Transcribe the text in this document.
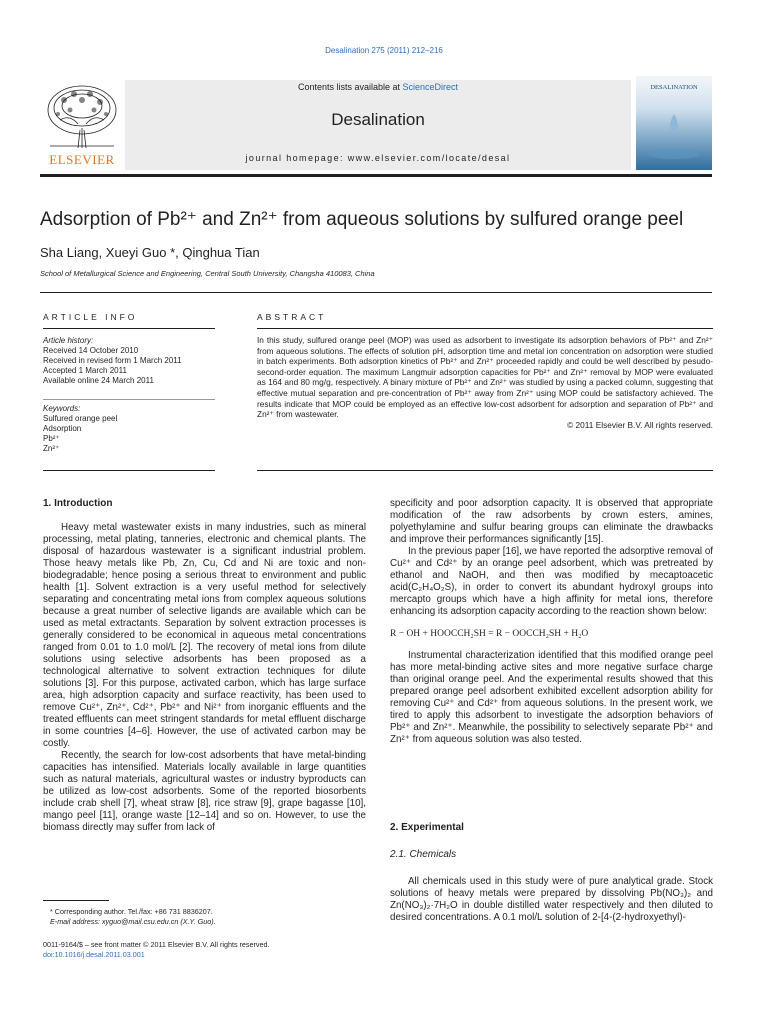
Desalination 275 (2011) 212–216
ELSEVIER
Contents lists available at ScienceDirect
Desalination
journal homepage: www.elsevier.com/locate/desal
DESALINATION
Adsorption of Pb²⁺ and Zn²⁺ from aqueous solutions by sulfured orange peel
Sha Liang, Xueyi Guo *, Qinghua Tian
School of Metallurgical Science and Engineering, Central South University, Changsha 410083, China
ARTICLE INFO
Article history:
Received 14 October 2010
Received in revised form 1 March 2011
Accepted 1 March 2011
Available online 24 March 2011
Keywords:
Sulfured orange peel
Adsorption
Pb²⁺
Zn²⁺
ABSTRACT
In this study, sulfured orange peel (MOP) was used as adsorbent to investigate its adsorption behaviors of Pb²⁺ and Zn²⁺ from aqueous solutions. The effects of solution pH, adsorption time and metal ion concentration on adsorption were studied in batch experiments. Both adsorption kinetics of Pb²⁺ and Zn²⁺ proceeded rapidly and could be well described by pesudo-second-order equation. The maximum Langmuir adsorption capacities for Pb²⁺ and Zn²⁺ removal by MOP were evaluated as 164 and 80 mg/g, respectively. A binary mixture of Pb²⁺ and Zn²⁺ was studied by using a packed column, suggesting that effective mutual separation and pre-concentration of Pb²⁺ away from Zn²⁺ using MOP could be satisfactory achieved. The results indicate that MOP could be employed as an effective low-cost adsorbent for adsorption and separation of Pb²⁺ and Zn²⁺ from wastewater.
© 2011 Elsevier B.V. All rights reserved.
1. Introduction

Heavy metal wastewater exists in many industries, such as mineral processing, metal plating, tanneries, electronic and chemical plants. The disposal of hazardous wastewater is a significant industrial problem. Those heavy metals like Pb, Zn, Cu, Cd and Ni are toxic and non-biodegradable; hence posing a serious threat to environment and public health [1]. Solvent extraction is a very useful method for selectively separating and concentrating metal ions from complex aqueous solutions because a great number of selective ligands are available which can be used as metal extractants. Separation by solvent extraction processes is generally considered to be economical in aqueous metal concentrations ranged from 0.01 to 1.0 mol/L [2]. The recovery of metal ions from dilute solutions using selective adsorbents has been proposed as a technological alternative to solvent extraction techniques for dilute solutions [3]. For this purpose, activated carbon, which has large surface area, high adsorption capacity and surface reactivity, has been used to remove Cu²⁺, Zn²⁺, Cd²⁺, Pb²⁺ and Ni²⁺ from inorganic effluents and the treated effluents can meet stringent standards for metal effluent discharge in some countries [4–6]. However, the use of activated carbon may be costly.

Recently, the search for low-cost adsorbents that have metal-binding capacities has intensified. Materials locally available in large quantities such as natural materials, agricultural wastes or industry byproducts can be utilized as low-cost adsorbents. Some of the reported biosorbents include crab shell [7], wheat straw [8], rice straw [9], grape bagasse [10], mango peel [11], orange waste [12–14] and so on. However, to use the biomass directly may suffer from lack of

* Corresponding author. Tel./fax: +86 731 8836207.
E-mail address: xyguo@mail.csu.edu.cn (X.Y. Guo).
0011-9164/$ – see front matter © 2011 Elsevier B.V. All rights reserved.
doi:10.1016/j.desal.2011.03.001

specificity and poor adsorption capacity. It is observed that appropriate modification of the raw adsorbents by crown esters, amines, polyethylamine and sulfur bearing groups can eliminate the drawbacks and improve their performances significantly [15].

In the previous paper [16], we have reported the adsorptive removal of Cu²⁺ and Cd²⁺ by an orange peel adsorbent, which was pretreated by ethanol and NaOH, and then was modified by mecaptoacetic acid(C₂H₄O₂S), in order to convert its abundant hydroxyl groups into mercapto groups which have a high affinity for metal ions, therefore enhancing its adsorption capacity according to the reaction shown below:

R − OH + HOOCCH₂SH = R − OOCCH₂SH + H₂O

Instrumental characterization identified that this modified orange peel has more metal-binding active sites and more negative surface charge than original orange peel. And the experimental results showed that this prepared orange peel adsorbent exhibited excellent adsorption ability for removing Cu²⁺ and Cd²⁺ from aqueous solutions. In the present work, we tired to apply this adsorbent to investigate the adsorption behaviors of Pb²⁺ and Zn²⁺. Meanwhile, the possibility to selectively separate Pb²⁺ and Zn²⁺ from aqueous solution was also tested.

2. Experimental
2.1. Chemicals

All chemicals used in this study were of pure analytical grade. Stock solutions of heavy metals were prepared by dissolving Pb(NO₃)₂ and Zn(NO₃)₂·7H₂O in double distilled water respectively and then diluted to desired concentrations. A 0.1 mol/L solution of 2-[4-(2-hydroxyethyl)-
